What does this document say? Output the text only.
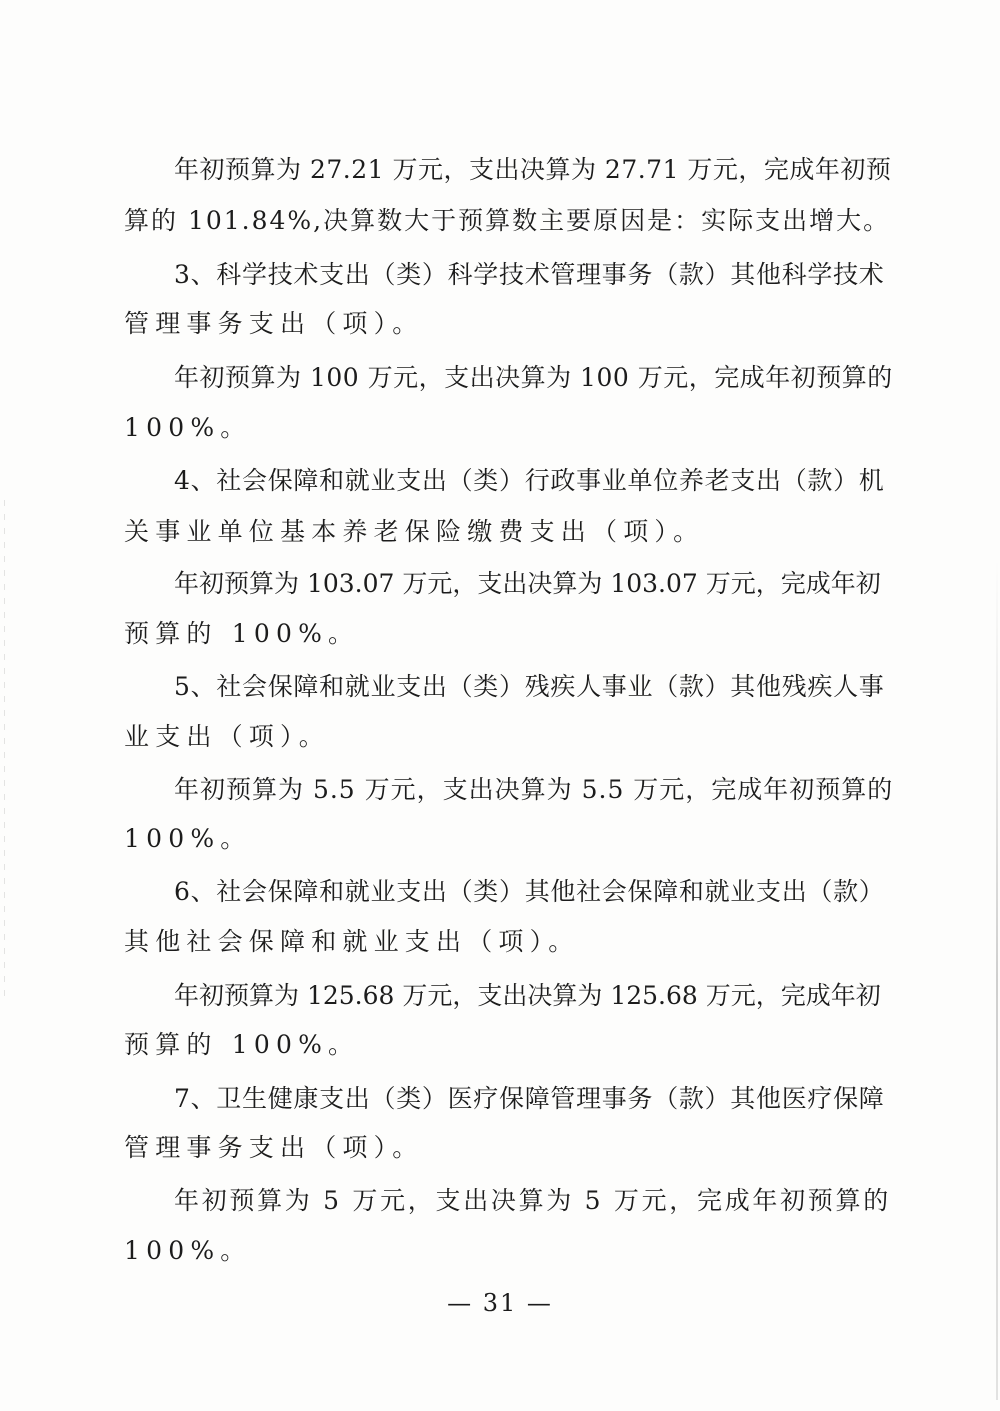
年初预算为 27.21 万元，支出决算为 27.71 万元，完成年初预
算的 101.84%,决算数大于预算数主要原因是：实际支出增大。
3、科学技术支出（类）科学技术管理事务（款）其他科学技术
管理事务支出（项）。
年初预算为 100 万元，支出决算为 100 万元，完成年初预算的
100%。
4、社会保障和就业支出（类）行政事业单位养老支出（款）机
关事业单位基本养老保险缴费支出（项）。
年初预算为 103.07 万元，支出决算为 103.07 万元，完成年初
预算的 100%。
5、社会保障和就业支出（类）残疾人事业（款）其他残疾人事
业支出（项）。
年初预算为 5.5 万元，支出决算为 5.5 万元，完成年初预算的
100%。
6、社会保障和就业支出（类）其他社会保障和就业支出（款）
其他社会保障和就业支出（项）。
年初预算为 125.68 万元，支出决算为 125.68 万元，完成年初
预算的 100%。
7、卫生健康支出（类）医疗保障管理事务（款）其他医疗保障
管理事务支出（项）。
年初预算为 5 万元，支出决算为 5 万元，完成年初预算的
100%。
— 31 —
